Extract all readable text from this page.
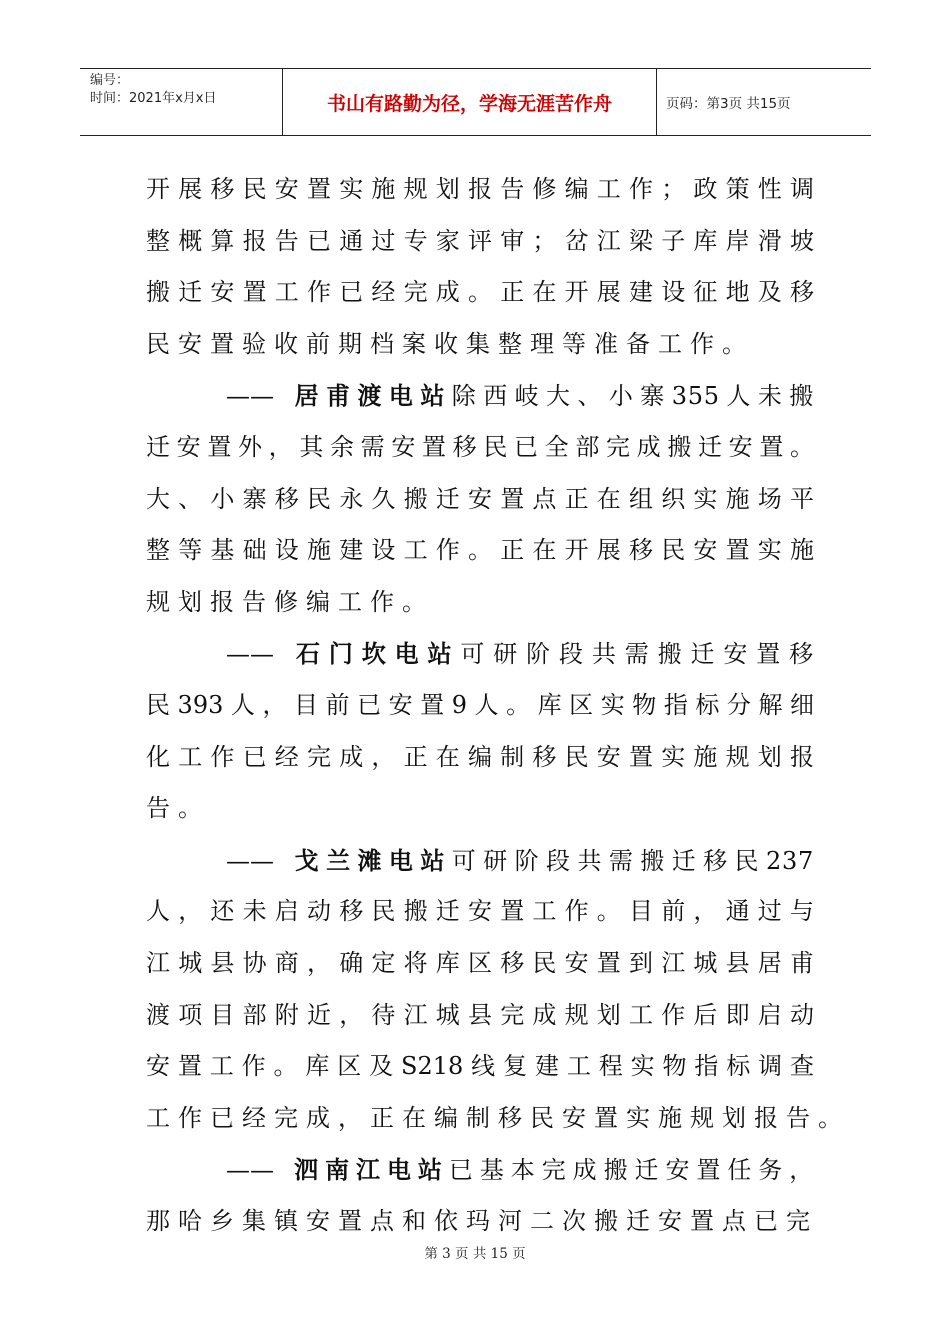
编号：
时间：2021年x月x日	书山有路勤为径，学海无涯苦作舟	页码：第3页 共15页
开展移民安置实施规划报告修编工作；政策性调
整概算报告已通过专家评审；岔江梁子库岸滑坡
搬迁安置工作已经完成。正在开展建设征地及移
民安置验收前期档案收集整理等准备工作。
—— 居甫渡电站除西岐大、小寨355人未搬
迁安置外，其余需安置移民已全部完成搬迁安置。
大、小寨移民永久搬迁安置点正在组织实施场平
整等基础设施建设工作。正在开展移民安置实施
规划报告修编工作。
—— 石门坎电站可研阶段共需搬迁安置移
民393人，目前已安置9人。库区实物指标分解细
化工作已经完成，正在编制移民安置实施规划报
告。
—— 戈兰滩电站可研阶段共需搬迁移民237
人，还未启动移民搬迁安置工作。目前，通过与
江城县协商，确定将库区移民安置到江城县居甫
渡项目部附近，待江城县完成规划工作后即启动
安置工作。库区及S218线复建工程实物指标调查
工作已经完成，正在编制移民安置实施规划报告。
—— 泗南江电站已基本完成搬迁安置任务，
那哈乡集镇安置点和依玛河二次搬迁安置点已完
第 3 页 共 15 页
